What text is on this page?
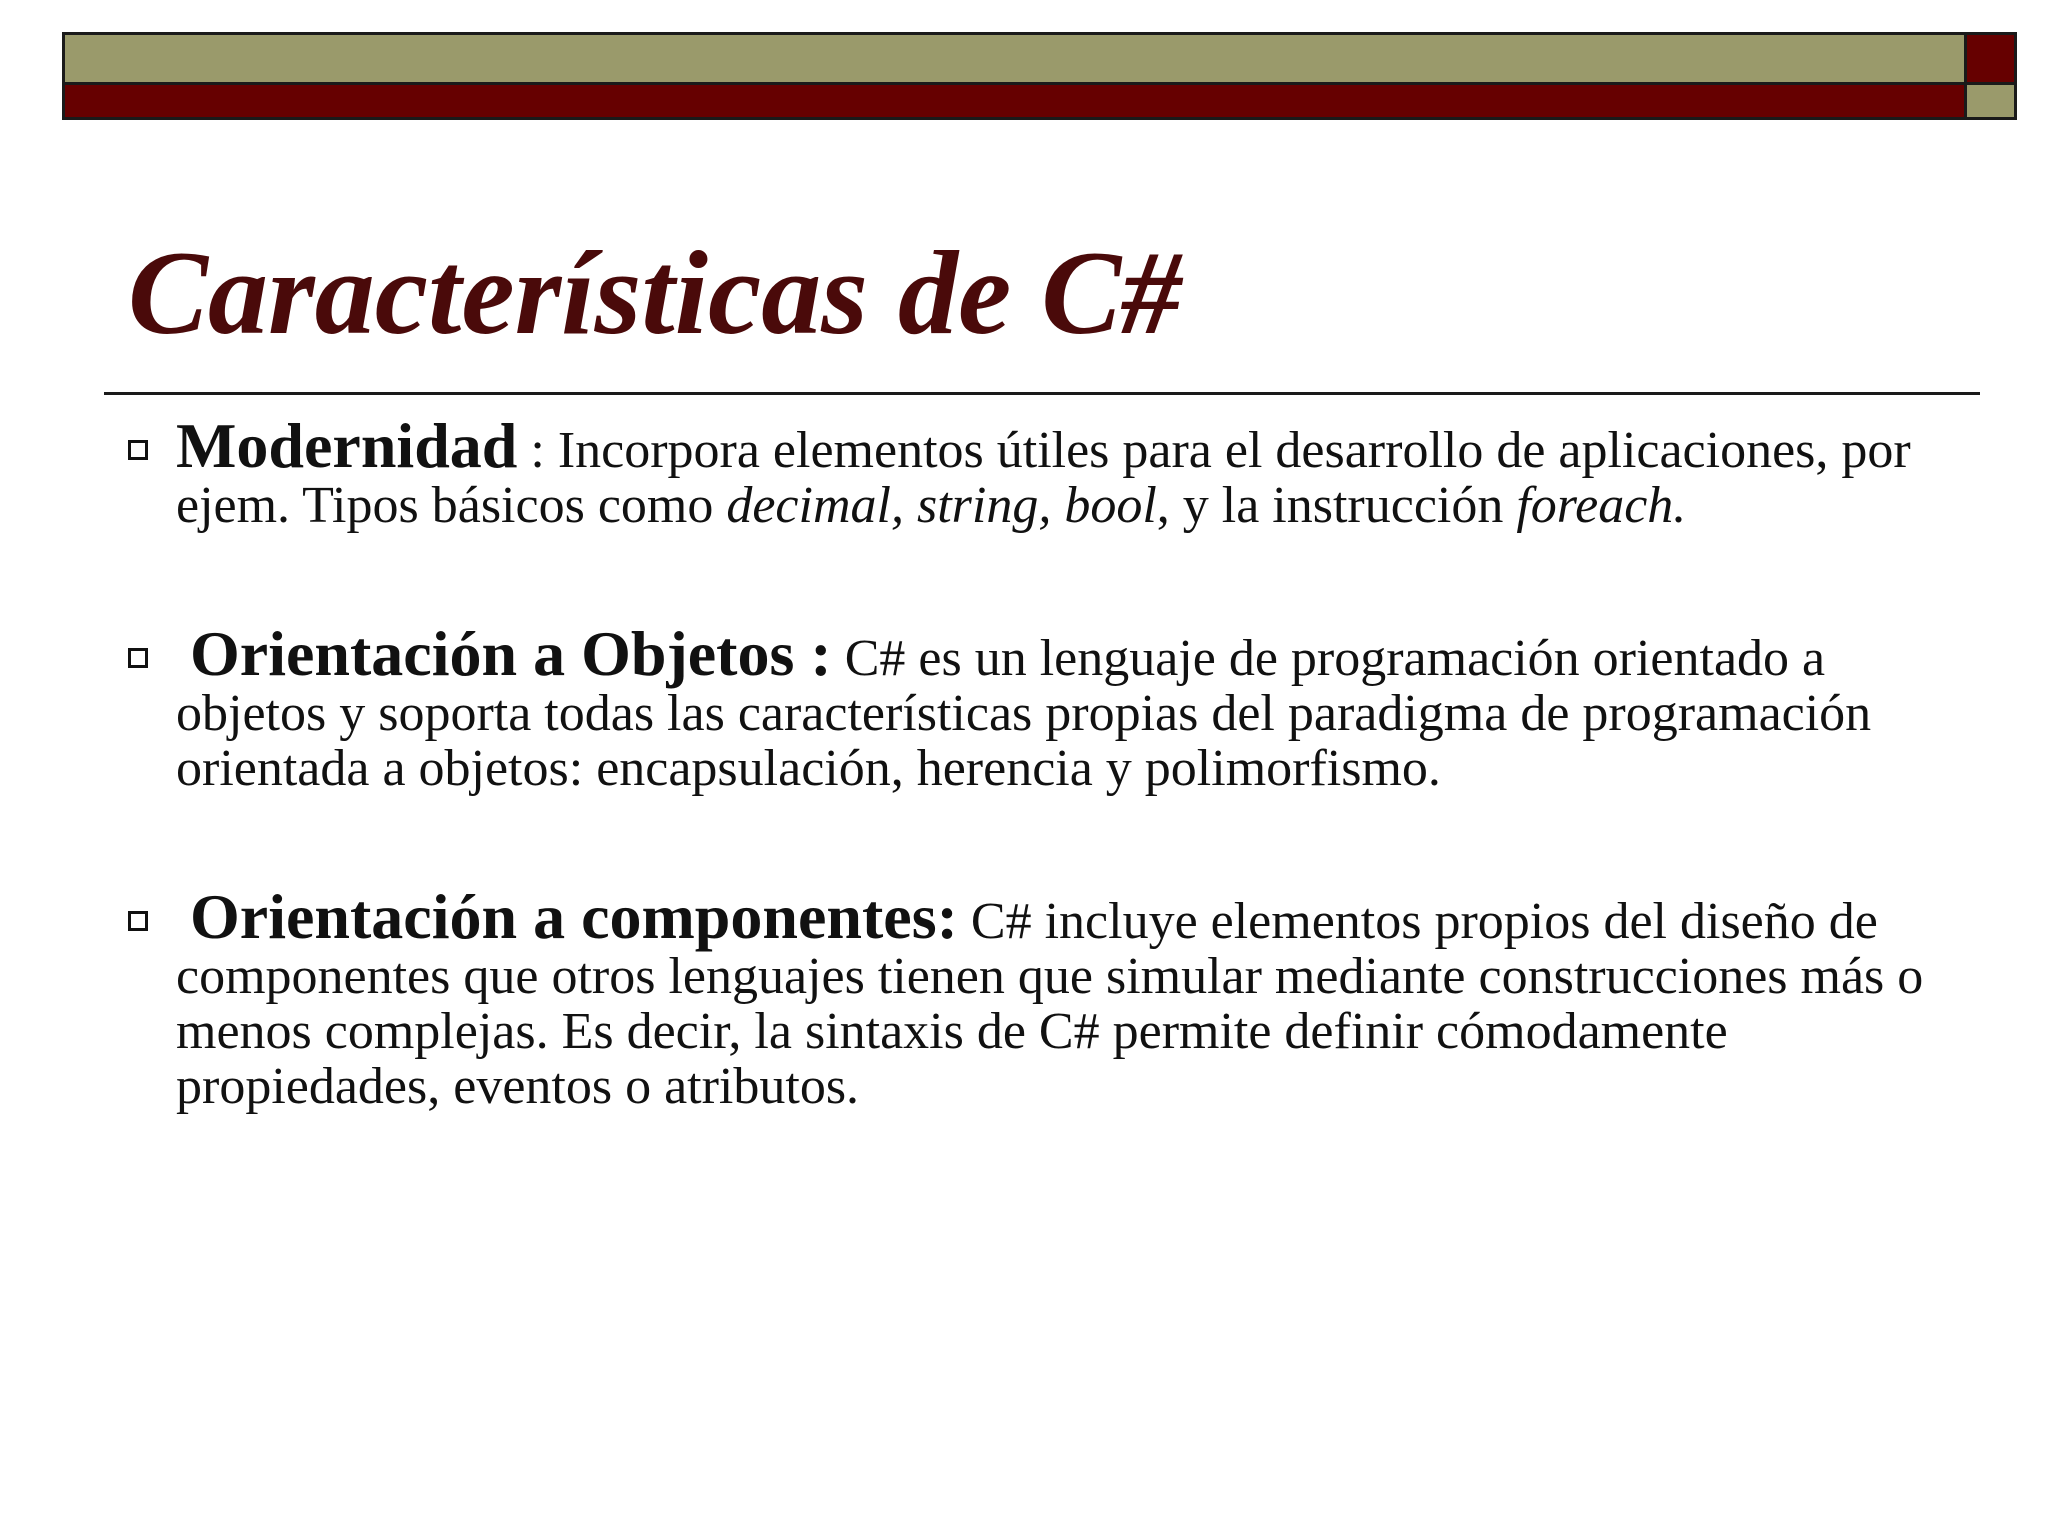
Características de C#
Modernidad : Incorpora elementos útiles para el desarrollo de aplicaciones, por ejem. Tipos básicos como decimal, string, bool, y la instrucción foreach.
Orientación a Objetos : C# es un lenguaje de programación orientado a objetos y soporta todas las características propias del paradigma de programación orientada a objetos: encapsulación, herencia y polimorfismo.
Orientación a componentes: C# incluye elementos propios del diseño de componentes que otros lenguajes tienen que simular mediante construcciones más o menos complejas. Es decir, la sintaxis de C# permite definir cómodamente propiedades, eventos o atributos.
